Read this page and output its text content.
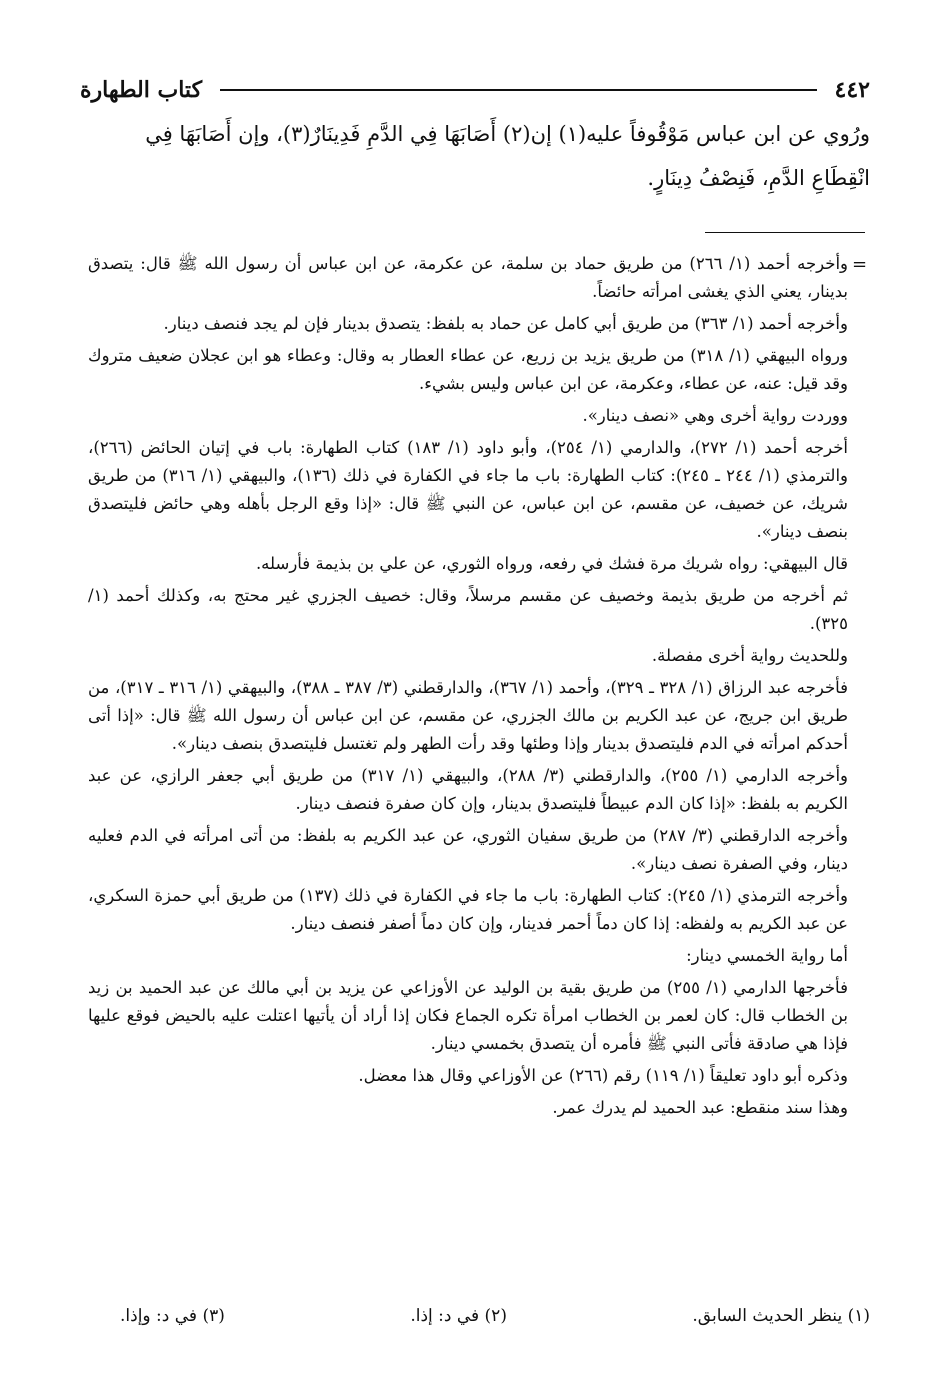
٤٤٢
كتاب الطهارة

ورُوي عن ابن عباس مَوْقُوفاً عليه(١) إن(٢) أَصَابَهَا فِي الدَّمِ فَدِينَارٌ(٣)، وإن أَصَابَهَا فِي

انْقِطَاعِ الدَّمِ، فَنِصْفُ دِينَارٍ.

=

وأخرجه أحمد (١/ ٢٦٦) من طريق حماد بن سلمة، عن عكرمة، عن ابن عباس أن رسول الله ﷺ قال: يتصدق بدينار، يعني الذي يغشى امرأته حائضاً.

وأخرجه أحمد (١/ ٣٦٣) من طريق أبي كامل عن حماد به بلفظ: يتصدق بدينار فإن لم يجد فنصف دينار.

ورواه البيهقي (١/ ٣١٨) من طريق يزيد بن زريع، عن عطاء العطار به وقال: وعطاء هو ابن عجلان ضعيف متروك وقد قيل: عنه، عن عطاء، وعكرمة، عن ابن عباس وليس بشيء.

ووردت رواية أخرى وهي «نصف دينار».

أخرجه أحمد (١/ ٢٧٢)، والدارمي (١/ ٢٥٤)، وأبو داود (١/ ١٨٣) كتاب الطهارة: باب في إتيان الحائض (٢٦٦)، والترمذي (١/ ٢٤٤ ـ ٢٤٥): كتاب الطهارة: باب ما جاء في الكفارة في ذلك (١٣٦)، والبيهقي (١/ ٣١٦) من طريق شريك، عن خصيف، عن مقسم، عن ابن عباس، عن النبي ﷺ قال: «إذا وقع الرجل بأهله وهي حائض فليتصدق بنصف دينار».

قال البيهقي: رواه شريك مرة فشك في رفعه، ورواه الثوري، عن علي بن بذيمة فأرسله.

ثم أخرجه من طريق بذيمة وخصيف عن مقسم مرسلاً، وقال: خصيف الجزري غير محتج به، وكذلك أحمد (١/ ٣٢٥).

وللحديث رواية أخرى مفصلة.

فأخرجه عبد الرزاق (١/ ٣٢٨ ـ ٣٢٩)، وأحمد (١/ ٣٦٧)، والدارقطني (٣/ ٣٨٧ ـ ٣٨٨)، والبيهقي (١/ ٣١٦ ـ ٣١٧)، من طريق ابن جريج، عن عبد الكريم بن مالك الجزري، عن مقسم، عن ابن عباس أن رسول الله ﷺ قال: «إذا أتى أحدكم امرأته في الدم فليتصدق بدينار وإذا وطئها وقد رأت الطهر ولم تغتسل فليتصدق بنصف دينار».

وأخرجه الدارمي (١/ ٢٥٥)، والدارقطني (٣/ ٢٨٨)، والبيهقي (١/ ٣١٧) من طريق أبي جعفر الرازي، عن عبد الكريم به بلفظ: «إذا كان الدم عبيطاً فليتصدق بدينار، وإن كان صفرة فنصف دينار.

وأخرجه الدارقطني (٣/ ٢٨٧) من طريق سفيان الثوري، عن عبد الكريم به بلفظ: من أتى امرأته في الدم فعليه دينار، وفي الصفرة نصف دينار».

وأخرجه الترمذي (١/ ٢٤٥): كتاب الطهارة: باب ما جاء في الكفارة في ذلك (١٣٧) من طريق أبي حمزة السكري، عن عبد الكريم به ولفظه: إذا كان دماً أحمر فدينار، وإن كان دماً أصفر فنصف دينار.

أما رواية الخمسي دينار:

فأخرجها الدارمي (١/ ٢٥٥) من طريق بقية بن الوليد عن الأوزاعي عن يزيد بن أبي مالك عن عبد الحميد بن زيد بن الخطاب قال: كان لعمر بن الخطاب امرأة تكره الجماع فكان إذا أراد أن يأتيها اعتلت عليه بالحيض فوقع عليها فإذا هي صادقة فأتى النبي ﷺ فأمره أن يتصدق بخمسي دينار.

وذكره أبو داود تعليقاً (١/ ١١٩) رقم (٢٦٦) عن الأوزاعي وقال هذا معضل.

وهذا سند منقطع: عبد الحميد لم يدرك عمر.

(١) ينظر الحديث السابق.
(٢) في د: إذا.
(٣) في د: وإذا.
